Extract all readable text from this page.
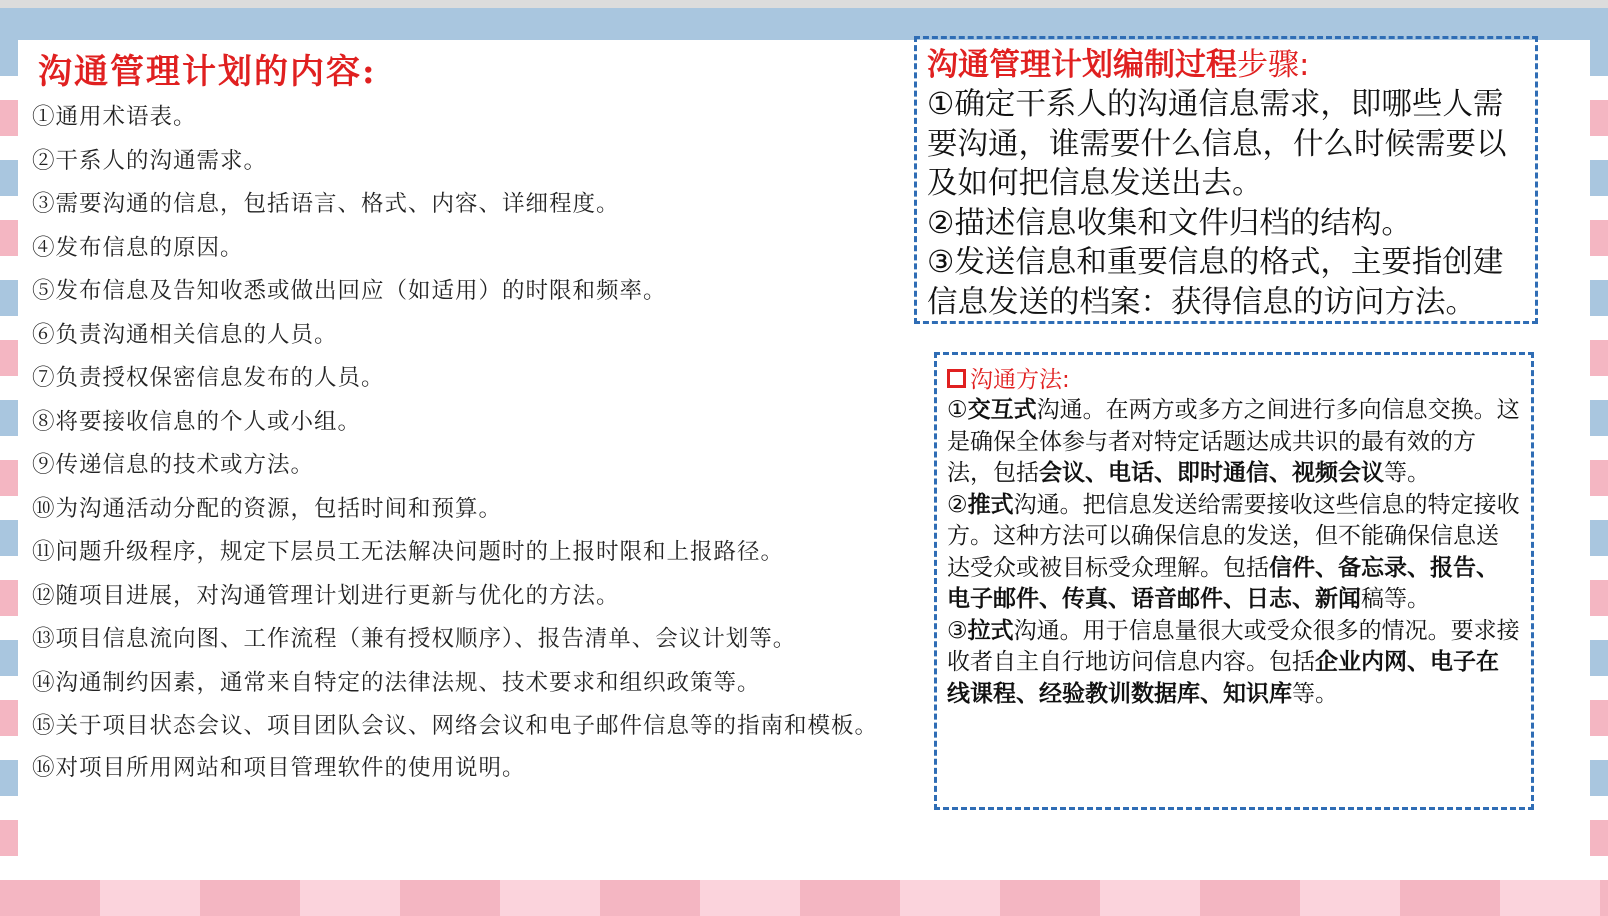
沟通管理计划的内容:
①通用术语表。
②干系人的沟通需求。
③需要沟通的信息，包括语言、格式、内容、详细程度。
④发布信息的原因。
⑤发布信息及告知收悉或做出回应（如适用）的时限和频率。
⑥负责沟通相关信息的人员。
⑦负责授权保密信息发布的人员。
⑧将要接收信息的个人或小组。
⑨传递信息的技术或方法。
⑩为沟通活动分配的资源，包括时间和预算。
⑪问题升级程序，规定下层员工无法解决问题时的上报时限和上报路径。
⑫随项目进展，对沟通管理计划进行更新与优化的方法。
⑬项目信息流向图、工作流程（兼有授权顺序）、报告清单、会议计划等。
⑭沟通制约因素，通常来自特定的法律法规、技术要求和组织政策等。
⑮关于项目状态会议、项目团队会议、网络会议和电子邮件信息等的指南和模板。
⑯对项目所用网站和项目管理软件的使用说明。
沟通管理计划编制过程步骤:
①确定干系人的沟通信息需求，即哪些人需要沟通，谁需要什么信息，什么时候需要以及如何把信息发送出去。
②描述信息收集和文件归档的结构。
③发送信息和重要信息的格式，主要指创建信息发送的档案：获得信息的访问方法。
沟通方法:
①交互式沟通。在两方或多方之间进行多向信息交换。这是确保全体参与者对特定话题达成共识的最有效的方法，包括会议、电话、即时通信、视频会议等。
②推式沟通。把信息发送给需要接收这些信息的特定接收方。这种方法可以确保信息的发送，但不能确保信息送达受众或被目标受众理解。包括信件、备忘录、报告、电子邮件、传真、语音邮件、日志、新闻稿等。
③拉式沟通。用于信息量很大或受众很多的情况。要求接收者自主自行地访问信息内容。包括企业内网、电子在线课程、经验教训数据库、知识库等。
